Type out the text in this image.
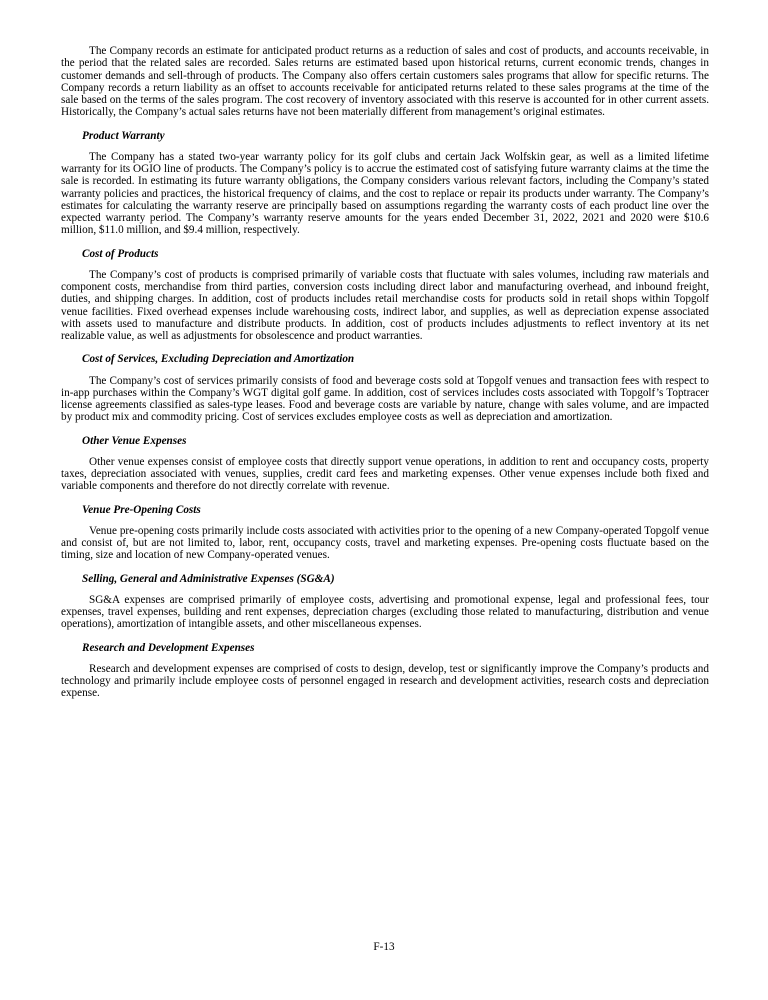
The Company records an estimate for anticipated product returns as a reduction of sales and cost of products, and accounts receivable, in the period that the related sales are recorded. Sales returns are estimated based upon historical returns, current economic trends, changes in customer demands and sell-through of products. The Company also offers certain customers sales programs that allow for specific returns. The Company records a return liability as an offset to accounts receivable for anticipated returns related to these sales programs at the time of the sale based on the terms of the sales program. The cost recovery of inventory associated with this reserve is accounted for in other current assets. Historically, the Company’s actual sales returns have not been materially different from management’s original estimates.

Product Warranty

The Company has a stated two-year warranty policy for its golf clubs and certain Jack Wolfskin gear, as well as a limited lifetime warranty for its OGIO line of products. The Company’s policy is to accrue the estimated cost of satisfying future warranty claims at the time the sale is recorded. In estimating its future warranty obligations, the Company considers various relevant factors, including the Company’s stated warranty policies and practices, the historical frequency of claims, and the cost to replace or repair its products under warranty. The Company’s estimates for calculating the warranty reserve are principally based on assumptions regarding the warranty costs of each product line over the expected warranty period. The Company’s warranty reserve amounts for the years ended December 31, 2022, 2021 and 2020 were $10.6 million, $11.0 million, and $9.4 million, respectively.

Cost of Products

The Company’s cost of products is comprised primarily of variable costs that fluctuate with sales volumes, including raw materials and component costs, merchandise from third parties, conversion costs including direct labor and manufacturing overhead, and inbound freight, duties, and shipping charges. In addition, cost of products includes retail merchandise costs for products sold in retail shops within Topgolf venue facilities. Fixed overhead expenses include warehousing costs, indirect labor, and supplies, as well as depreciation expense associated with assets used to manufacture and distribute products. In addition, cost of products includes adjustments to reflect inventory at its net realizable value, as well as adjustments for obsolescence and product warranties.

Cost of Services, Excluding Depreciation and Amortization

The Company’s cost of services primarily consists of food and beverage costs sold at Topgolf venues and transaction fees with respect to in-app purchases within the Company’s WGT digital golf game. In addition, cost of services includes costs associated with Topgolf’s Toptracer license agreements classified as sales-type leases. Food and beverage costs are variable by nature, change with sales volume, and are impacted by product mix and commodity pricing. Cost of services excludes employee costs as well as depreciation and amortization.

Other Venue Expenses

Other venue expenses consist of employee costs that directly support venue operations, in addition to rent and occupancy costs, property taxes, depreciation associated with venues, supplies, credit card fees and marketing expenses. Other venue expenses include both fixed and variable components and therefore do not directly correlate with revenue.

Venue Pre-Opening Costs

Venue pre-opening costs primarily include costs associated with activities prior to the opening of a new Company-operated Topgolf venue and consist of, but are not limited to, labor, rent, occupancy costs, travel and marketing expenses. Pre-opening costs fluctuate based on the timing, size and location of new Company-operated venues.

Selling, General and Administrative Expenses (SG&A)

SG&A expenses are comprised primarily of employee costs, advertising and promotional expense, legal and professional fees, tour expenses, travel expenses, building and rent expenses, depreciation charges (excluding those related to manufacturing, distribution and venue operations), amortization of intangible assets, and other miscellaneous expenses.

Research and Development Expenses

Research and development expenses are comprised of costs to design, develop, test or significantly improve the Company’s products and technology and primarily include employee costs of personnel engaged in research and development activities, research costs and depreciation expense.

F-13
